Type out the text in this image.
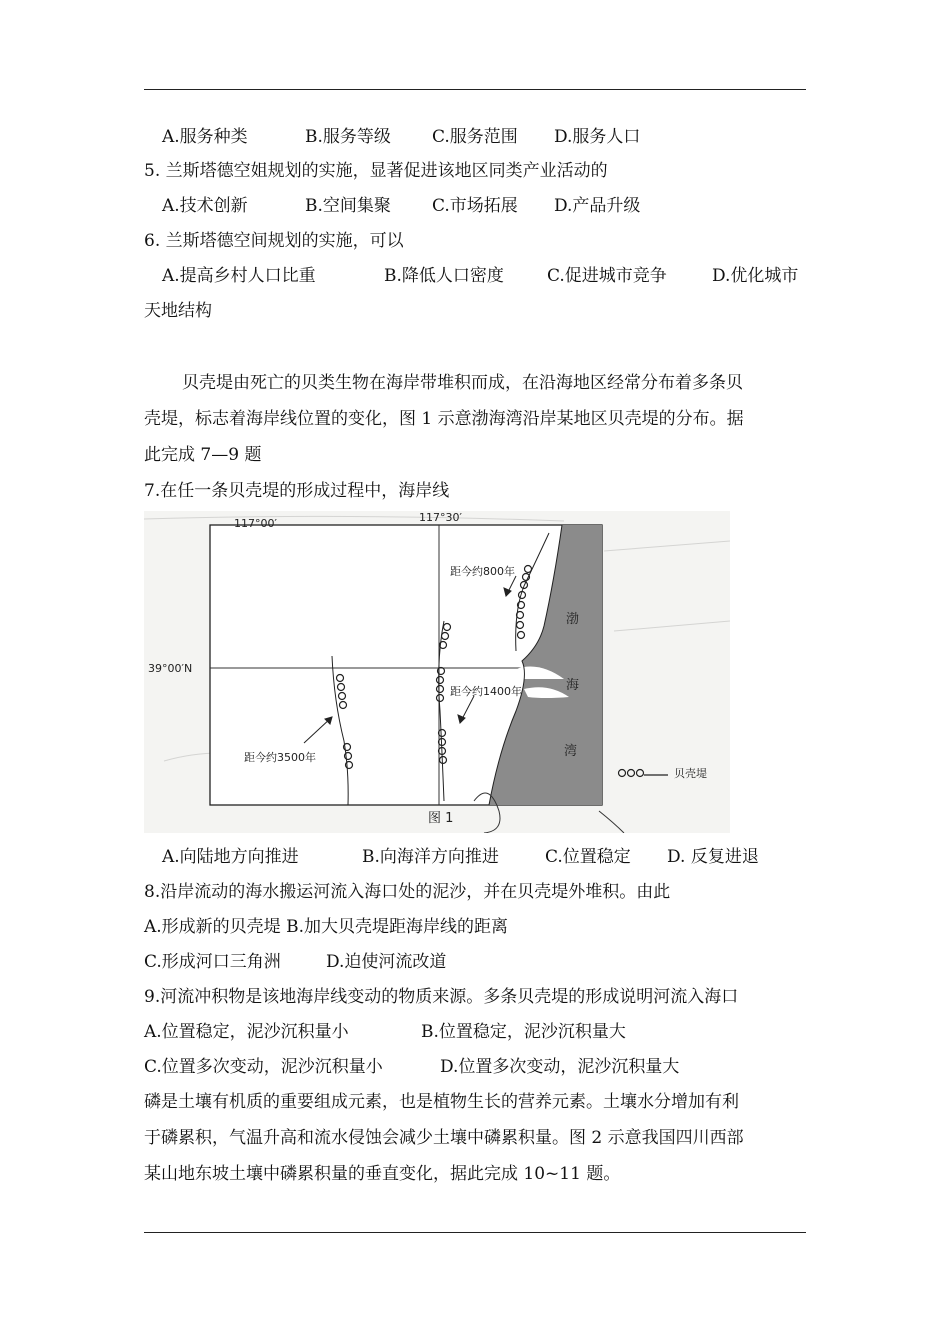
A.服务种类	B.服务等级 C.服务范围 D.服务人口
5. 兰斯塔德空姐规划的实施，显著促进该地区同类产业活动的
A.技术创新	B.空间集聚 C.市场拓展 D.产品升级
6. 兰斯塔德空间规划的实施，可以
A.提高乡村人口比重	B.降低人口密度	C.促进城市竞争	D.优化城市
天地结构
贝壳堤由死亡的贝类生物在海岸带堆积而成，在沿海地区经常分布着多条贝
壳堤，标志着海岸线位置的变化，图 1 示意渤海湾沿岸某地区贝壳堤的分布。据
此完成 7—9 题
7.在任一条贝壳堤的形成过程中，海岸线
117°00′	117°30′
39°00′N
距今约800年
距今约1400年
距今约3500年
渤
海
湾
贝壳堤
图 1
A.向陆地方向推进	B.向海洋方向推进	C.位置稳定 D. 反复进退
8.沿岸流动的海水搬运河流入海口处的泥沙，并在贝壳堤外堆积。由此
A.形成新的贝壳堤 B.加大贝壳堤距海岸线的距离
C.形成河口三角洲	D.迫使河流改道
9.河流冲积物是该地海岸线变动的物质来源。多条贝壳堤的形成说明河流入海口
A.位置稳定，泥沙沉积量小	B.位置稳定，泥沙沉积量大
C.位置多次变动，泥沙沉积量小	D.位置多次变动，泥沙沉积量大
磷是土壤有机质的重要组成元素，也是植物生长的营养元素。土壤水分增加有利
于磷累积，气温升高和流水侵蚀会减少土壤中磷累积量。图 2 示意我国四川西部
某山地东坡土壤中磷累积量的垂直变化，据此完成 10~11 题。
